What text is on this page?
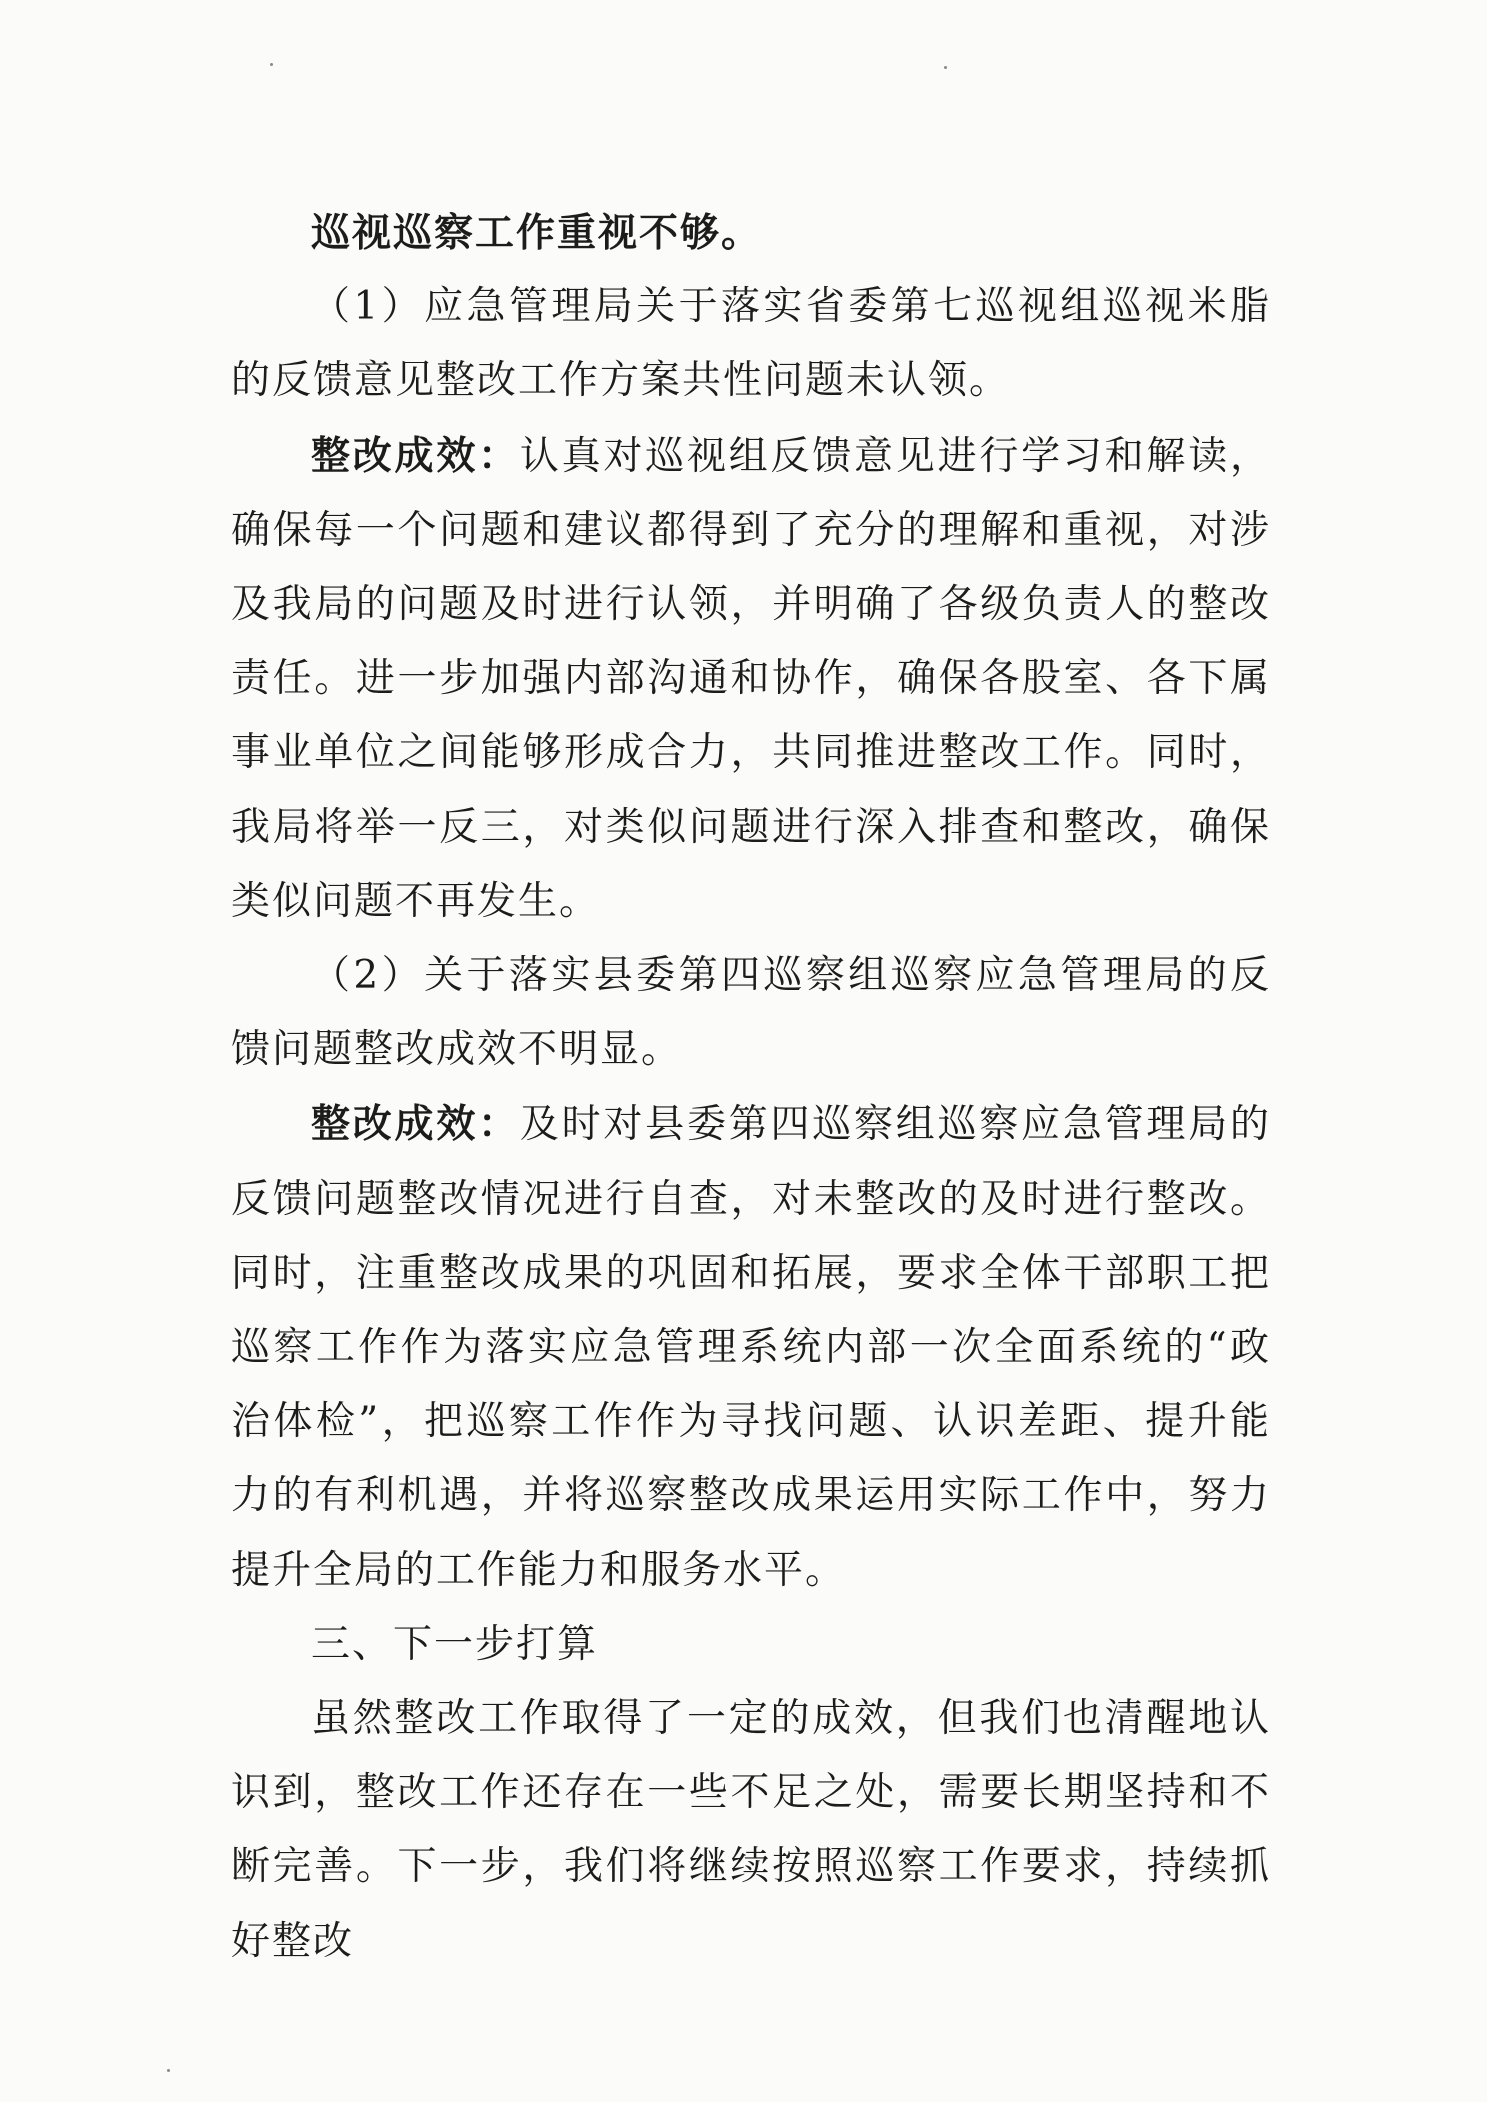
巡视巡察工作重视不够。

（1）应急管理局关于落实省委第七巡视组巡视米脂的反馈意见整改工作方案共性问题未认领。

整改成效：认真对巡视组反馈意见进行学习和解读，确保每一个问题和建议都得到了充分的理解和重视，对涉及我局的问题及时进行认领，并明确了各级负责人的整改责任。进一步加强内部沟通和协作，确保各股室、各下属事业单位之间能够形成合力，共同推进整改工作。同时，我局将举一反三，对类似问题进行深入排查和整改，确保类似问题不再发生。

（2）关于落实县委第四巡察组巡察应急管理局的反馈问题整改成效不明显。

整改成效：及时对县委第四巡察组巡察应急管理局的反馈问题整改情况进行自查，对未整改的及时进行整改。同时，注重整改成果的巩固和拓展，要求全体干部职工把巡察工作作为落实应急管理系统内部一次全面系统的“政治体检”，把巡察工作作为寻找问题、认识差距、提升能力的有利机遇，并将巡察整改成果运用实际工作中，努力提升全局的工作能力和服务水平。

三、下一步打算

虽然整改工作取得了一定的成效，但我们也清醒地认识到，整改工作还存在一些不足之处，需要长期坚持和不断完善。下一步，我们将继续按照巡察工作要求，持续抓好整改
